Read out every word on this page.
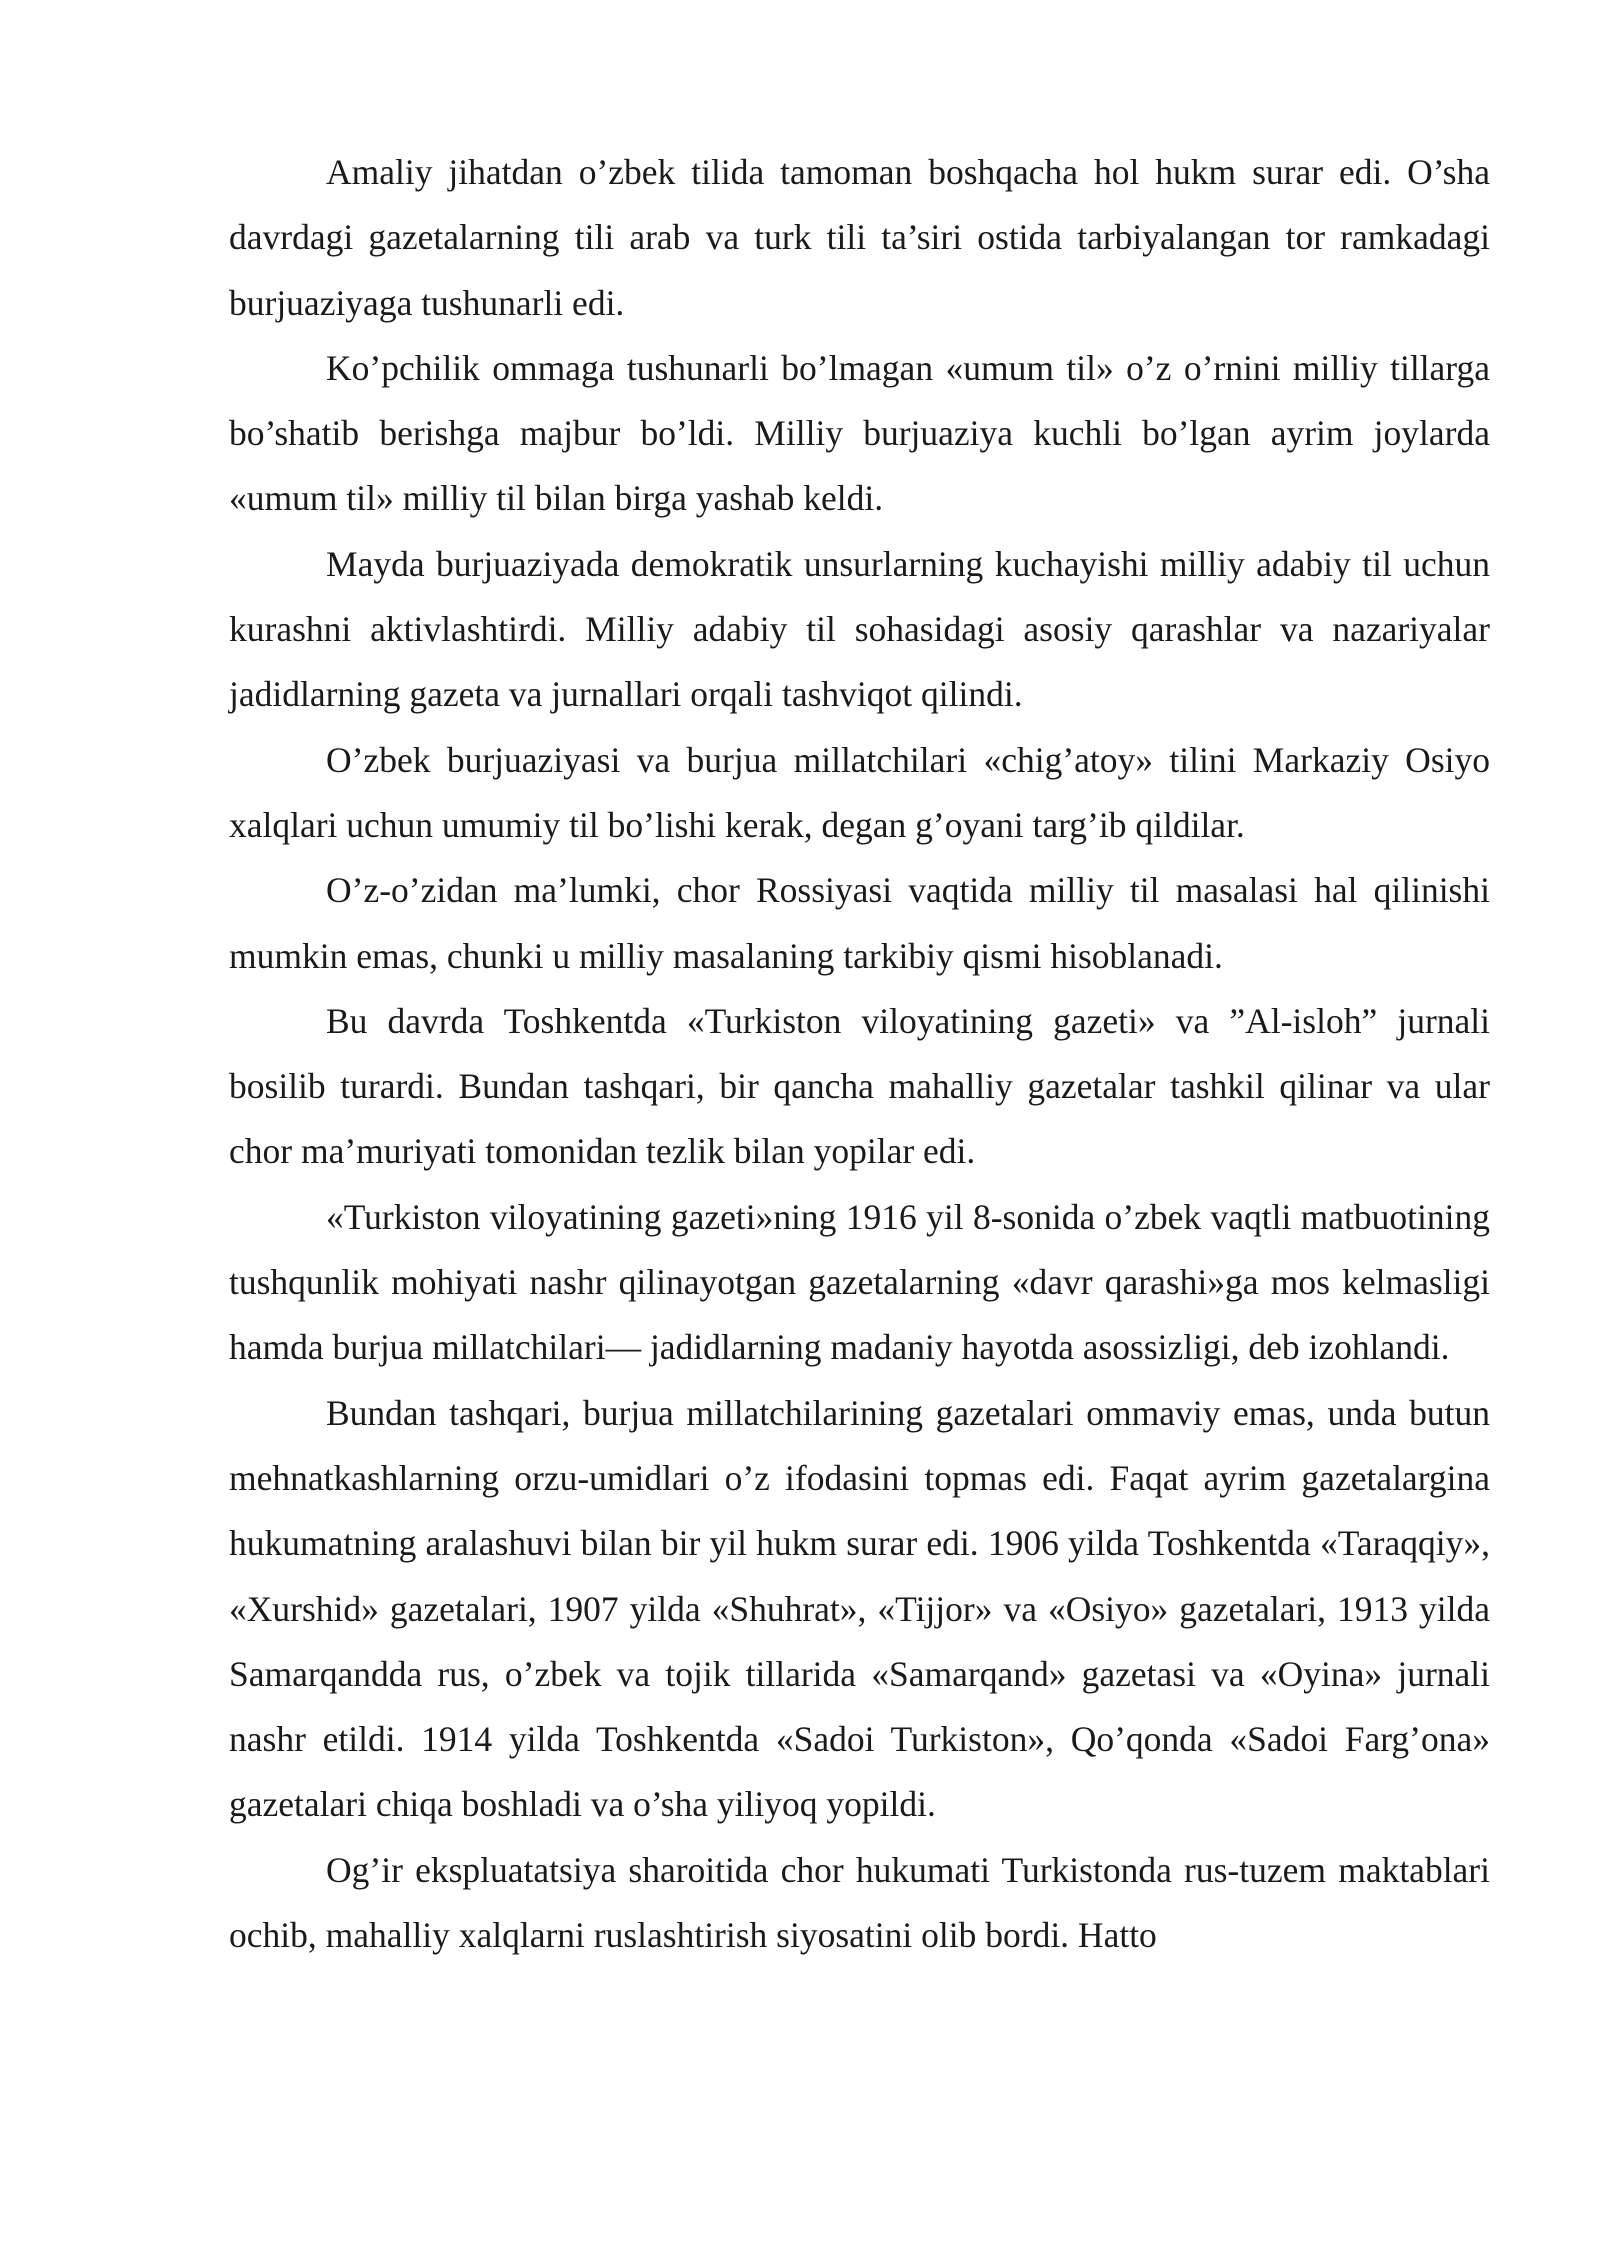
Amaliy jihatdan o’zbek tilida tamoman boshqacha hol hukm surar edi. O’sha davrdagi gazetalarning tili arab va turk tili ta’siri ostida tarbiyalangan tor ramkadagi burjuaziyaga tushunarli edi.

Ko’pchilik ommaga tushunarli bo’lmagan «umum til» o’z o’rnini milliy tillarga bo’shatib berishga majbur bo’ldi. Milliy burjuaziya kuchli bo’lgan ayrim joylarda «umum til» milliy til bilan birga yashab keldi.

Mayda burjuaziyada demokratik unsurlarning kuchayishi milliy adabiy til uchun kurashni aktivlashtirdi. Milliy adabiy til sohasidagi asosiy qarashlar va nazariyalar jadidlarning gazeta va jurnallari orqali tashviqot qilindi.

O’zbek burjuaziyasi va burjua millatchilari «chig’atoy» tilini Markaziy Osiyo xalqlari uchun umumiy til bo’lishi kerak, degan g’oyani targ’ib qildilar.

O’z-o’zidan ma’lumki, chor Rossiyasi vaqtida milliy til masalasi hal qilinishi mumkin emas, chunki u milliy masalaning tarkibiy qismi hisoblanadi.

Bu davrda Toshkentda «Turkiston viloyatining gazeti» va ”Al-isloh” jurnali bosilib turardi. Bundan tashqari, bir qancha mahalliy gazetalar tashkil qilinar va ular chor ma’muriyati tomonidan tezlik bilan yopilar edi.

«Turkiston viloyatining gazeti»ning 1916 yil 8-sonida o’zbek vaqtli matbuotining tushqunlik mohiyati nashr qilinayotgan gazetalarning «davr qarashi»ga mos kelmasligi hamda burjua millatchilari— jadidlarning madaniy hayotda asossizligi, deb izohlandi.

Bundan tashqari, burjua millatchilarining gazetalari ommaviy emas, unda butun mehnatkashlarning orzu-umidlari o’z ifodasini topmas edi. Faqat ayrim gazetalargina hukumatning aralashuvi bilan bir yil hukm surar edi. 1906 yilda Toshkentda «Taraqqiy», «Xurshid» gazetalari, 1907 yilda «Shuhrat», «Tijjor» va «Osiyo» gazetalari, 1913 yilda Samarqandda rus, o’zbek va tojik tillarida «Samarqand» gazetasi va «Oyina» jurnali nashr etildi. 1914 yilda Toshkentda «Sadoi Turkiston», Qo’qonda «Sadoi Farg’ona» gazetalari chiqa boshladi va o’sha yiliyoq yopildi.

Og’ir ekspluatatsiya sharoitida chor hukumati Turkistonda rus-tuzem maktablari ochib, mahalliy xalqlarni ruslashtirish siyosatini olib bordi. Hatto
